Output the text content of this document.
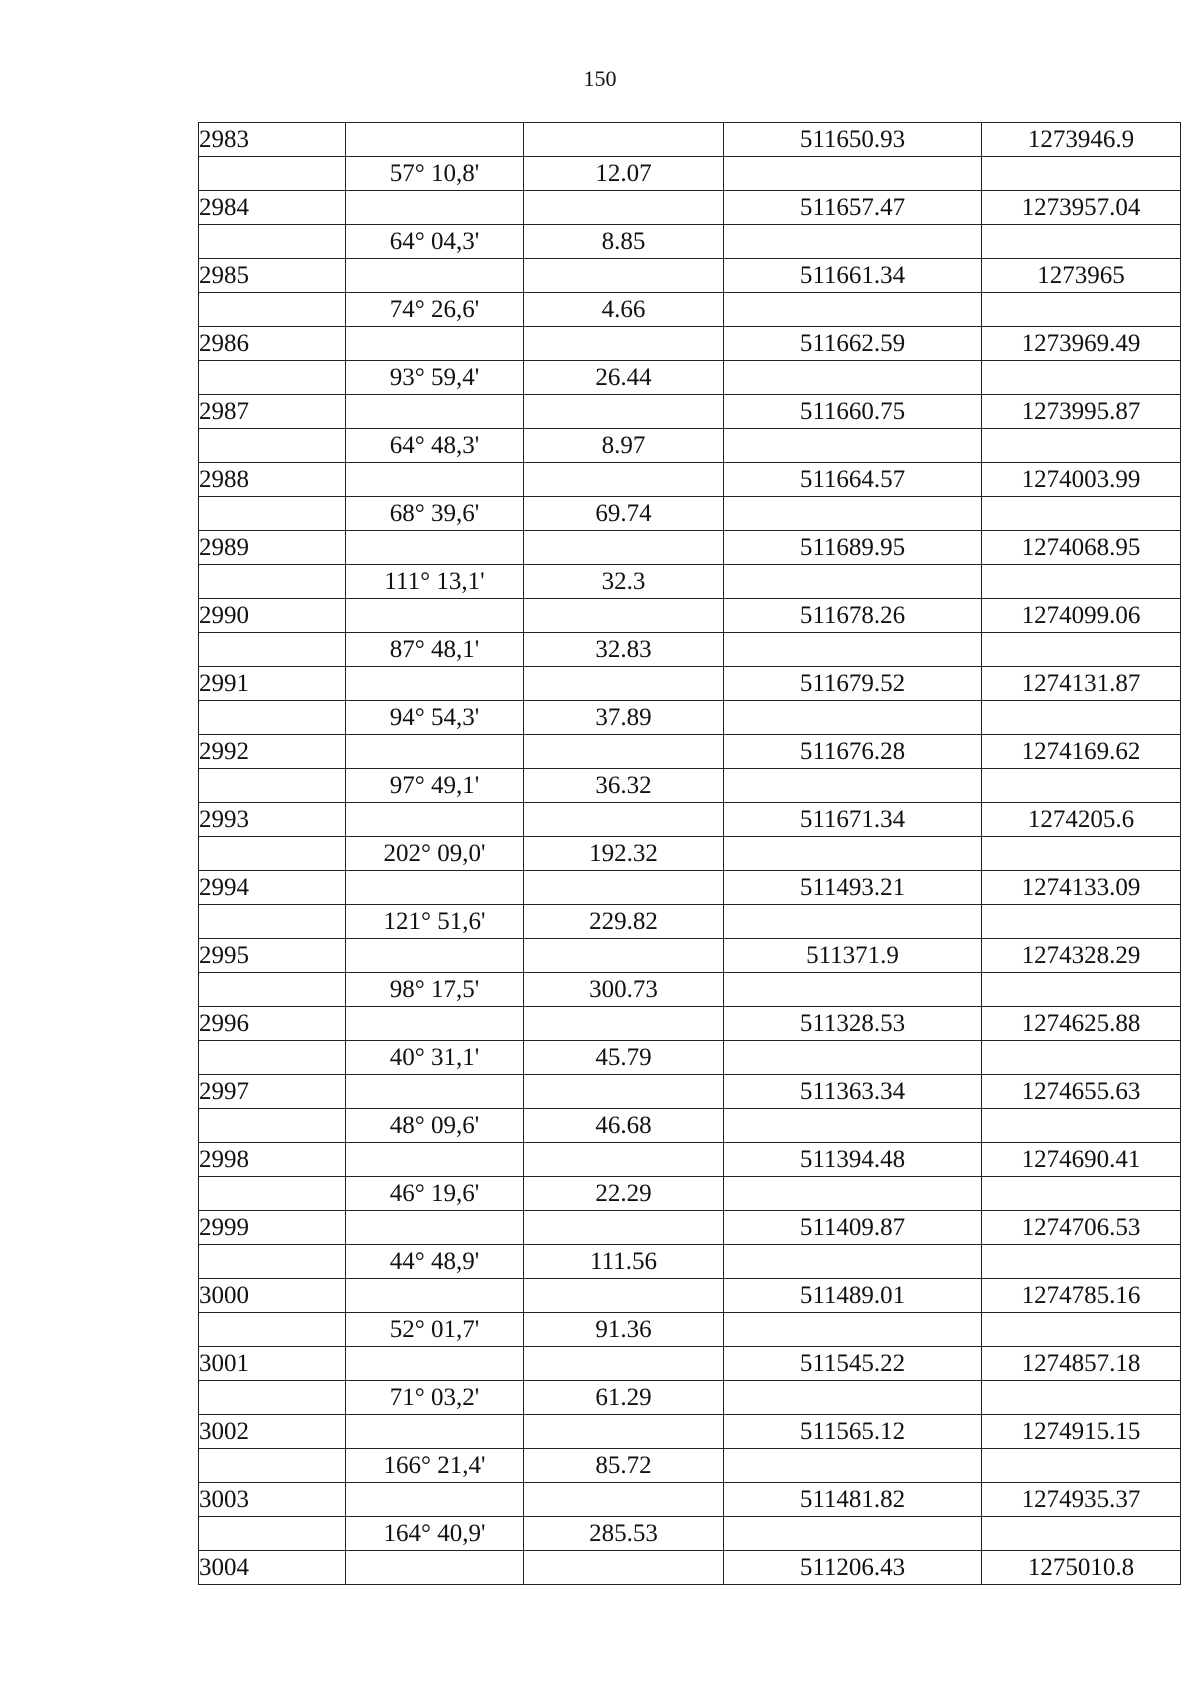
150
2983			511650.93	1273946.9
	57° 10,8'	12.07		
2984			511657.47	1273957.04
	64° 04,3'	8.85		
2985			511661.34	1273965
	74° 26,6'	4.66		
2986			511662.59	1273969.49
	93° 59,4'	26.44		
2987			511660.75	1273995.87
	64° 48,3'	8.97		
2988			511664.57	1274003.99
	68° 39,6'	69.74		
2989			511689.95	1274068.95
	111° 13,1'	32.3		
2990			511678.26	1274099.06
	87° 48,1'	32.83		
2991			511679.52	1274131.87
	94° 54,3'	37.89		
2992			511676.28	1274169.62
	97° 49,1'	36.32		
2993			511671.34	1274205.6
	202° 09,0'	192.32		
2994			511493.21	1274133.09
	121° 51,6'	229.82		
2995			511371.9	1274328.29
	98° 17,5'	300.73		
2996			511328.53	1274625.88
	40° 31,1'	45.79		
2997			511363.34	1274655.63
	48° 09,6'	46.68		
2998			511394.48	1274690.41
	46° 19,6'	22.29		
2999			511409.87	1274706.53
	44° 48,9'	111.56		
3000			511489.01	1274785.16
	52° 01,7'	91.36		
3001			511545.22	1274857.18
	71° 03,2'	61.29		
3002			511565.12	1274915.15
	166° 21,4'	85.72		
3003			511481.82	1274935.37
	164° 40,9'	285.53		
3004			511206.43	1275010.8
